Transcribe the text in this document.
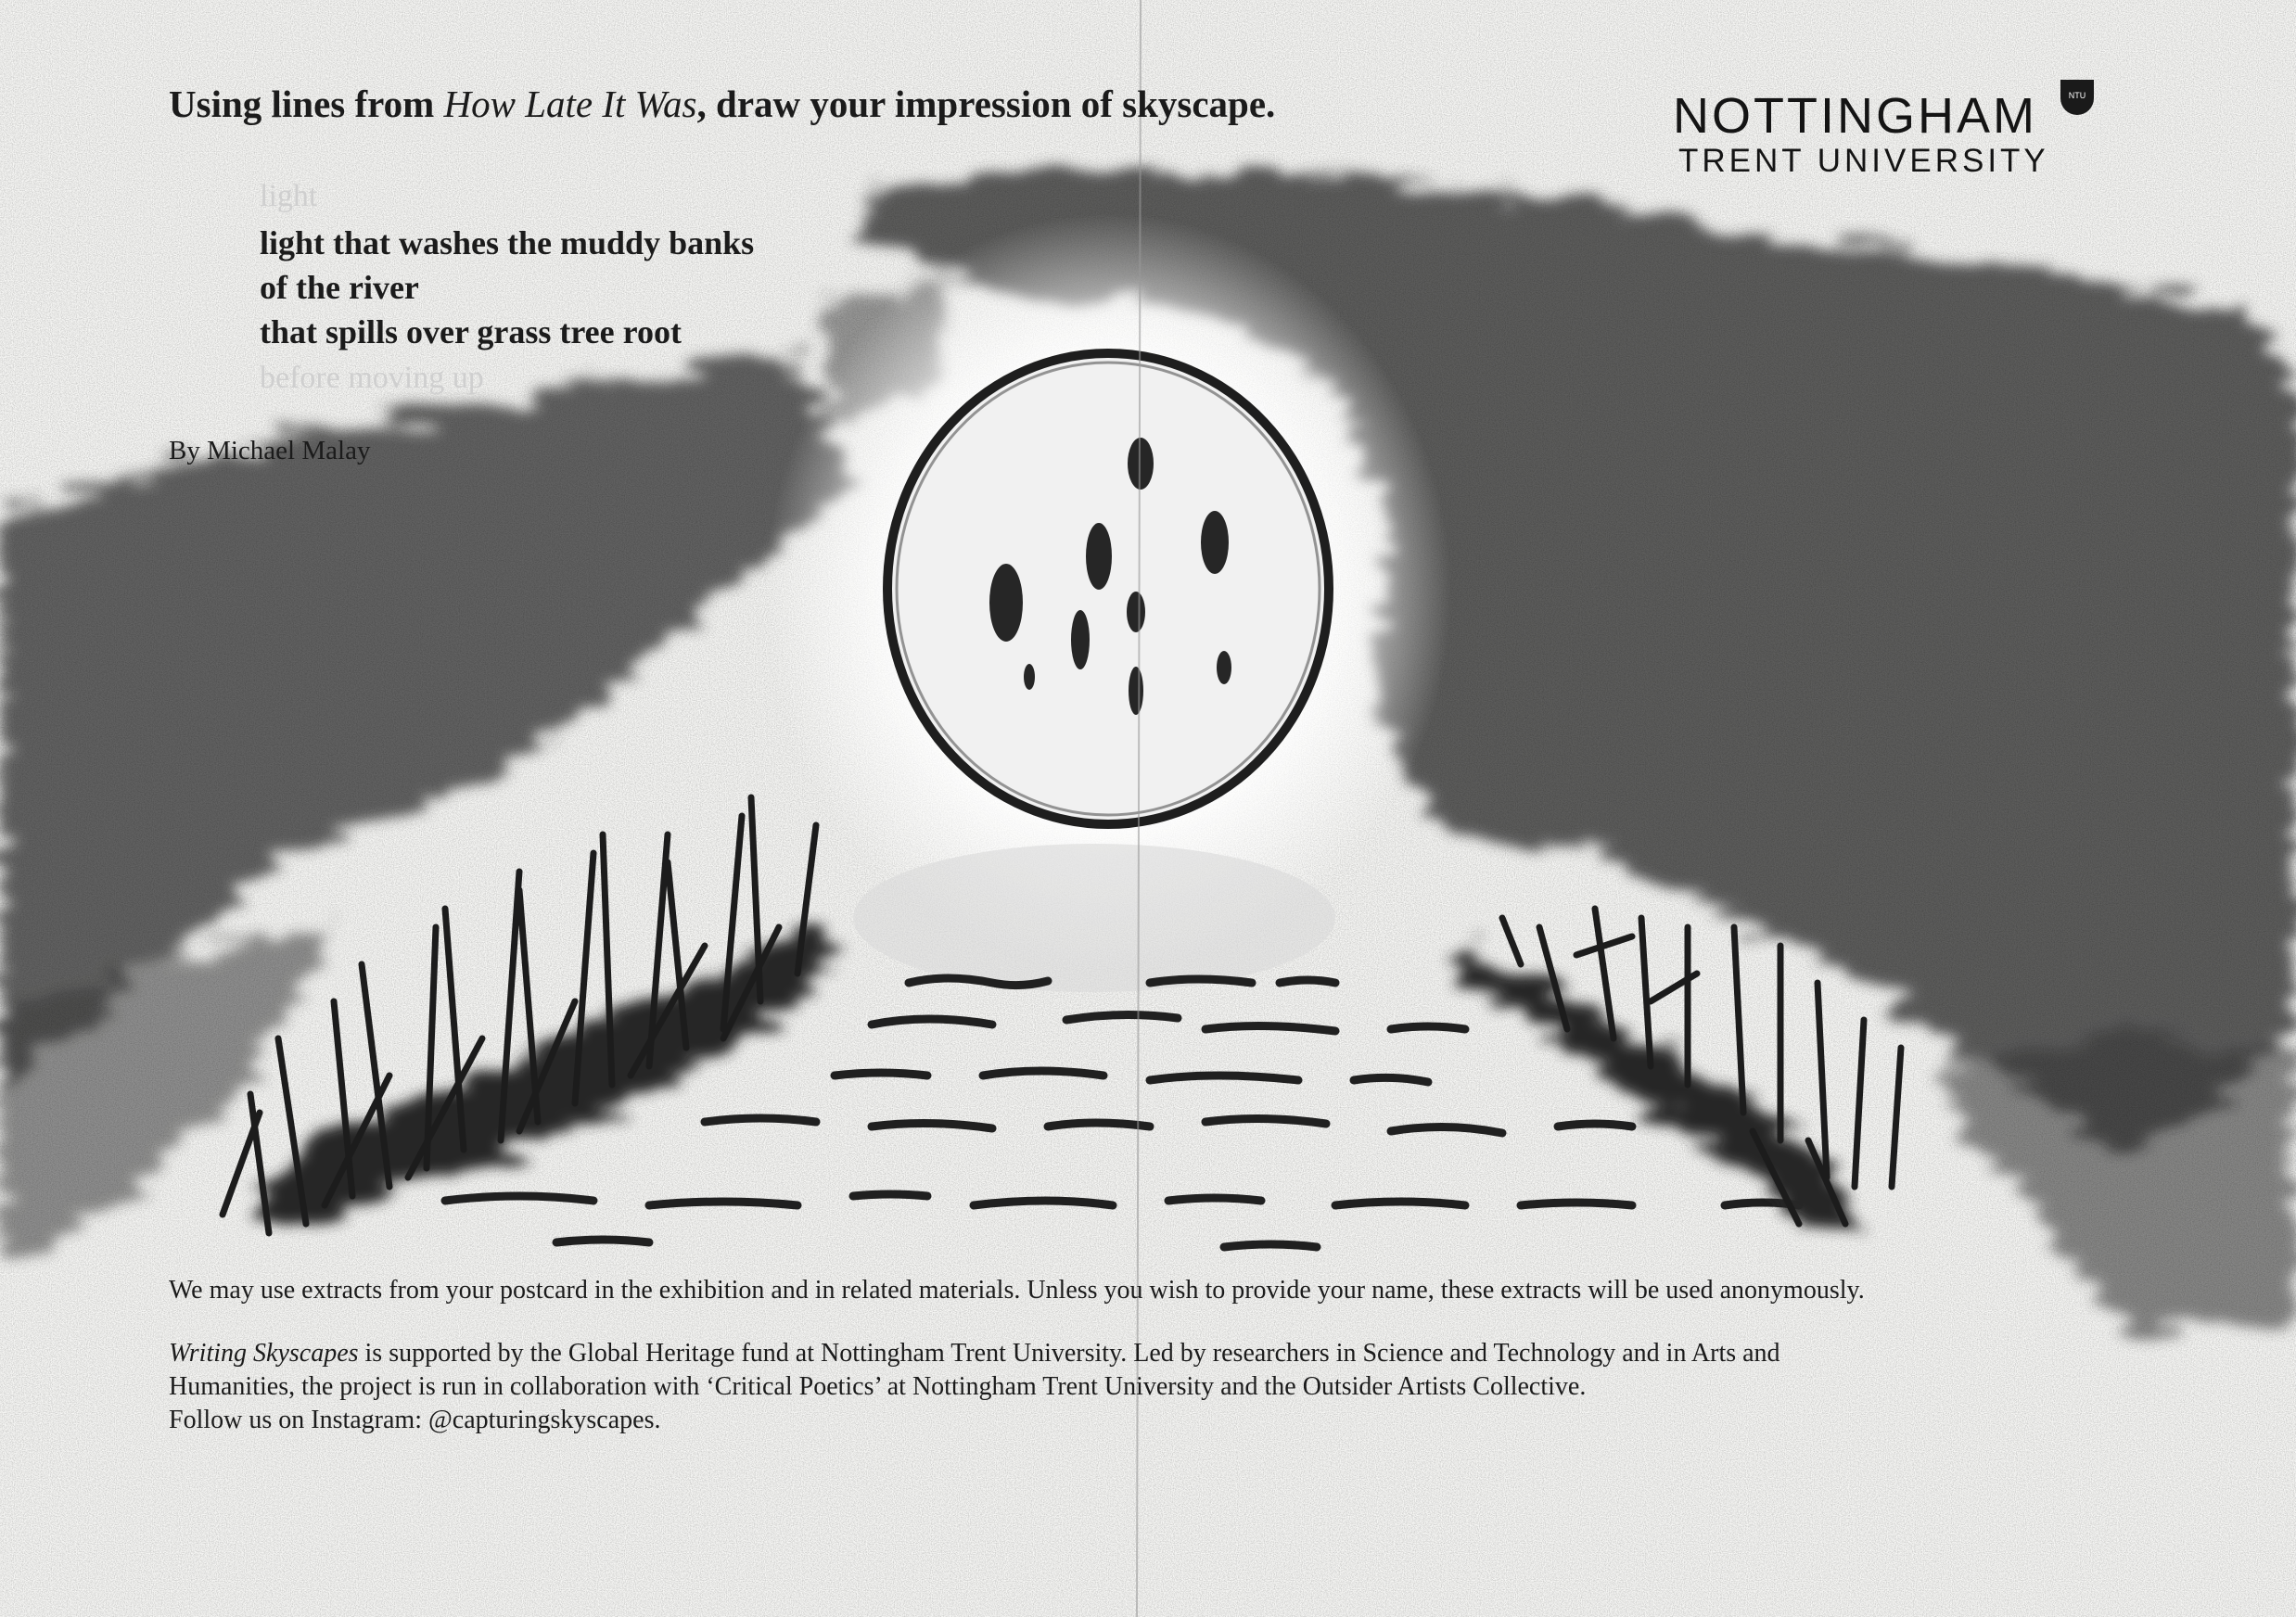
Using lines from How Late It Was, draw your impression of skyscape.	NOTTINGHAM
TRENT UNIVERSITY
NTU
light
light that washes the muddy banks
of the river
that spills over grass tree root
before moving up
By Michael Malay

We may use extracts from your postcard in the exhibition and in related materials. Unless you wish to provide your name, these extracts will be used anonymously.

Writing Skyscapes is supported by the Global Heritage fund at Nottingham Trent University. Led by researchers in Science and Technology and in Arts and

Humanities, the project is run in collaboration with ‘Critical Poetics’ at Nottingham Trent University and the Outsider Artists Collective.

Follow us on Instagram: @capturingskyscapes.
